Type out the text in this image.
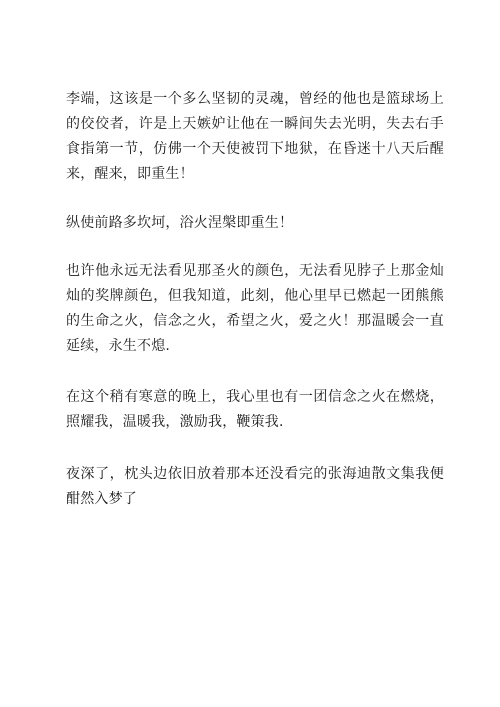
李端，这该是一个多么坚韧的灵魂，曾经的他也是篮球场上的佼佼者，许是上天嫉妒让他在一瞬间失去光明，失去右手食指第一节，仿佛一个天使被罚下地狱，在昏迷十八天后醒来，醒来，即重生！

纵使前路多坎坷，浴火涅槃即重生！

也许他永远无法看见那圣火的颜色，无法看见脖子上那金灿灿的奖牌颜色，但我知道，此刻，他心里早已燃起一团熊熊的生命之火，信念之火，希望之火，爱之火！那温暖会一直延续，永生不熄.

在这个稍有寒意的晚上，我心里也有一团信念之火在燃烧，照耀我，温暖我，激励我，鞭策我.

夜深了，枕头边依旧放着那本还没看完的张海迪散文集我便酣然入梦了
